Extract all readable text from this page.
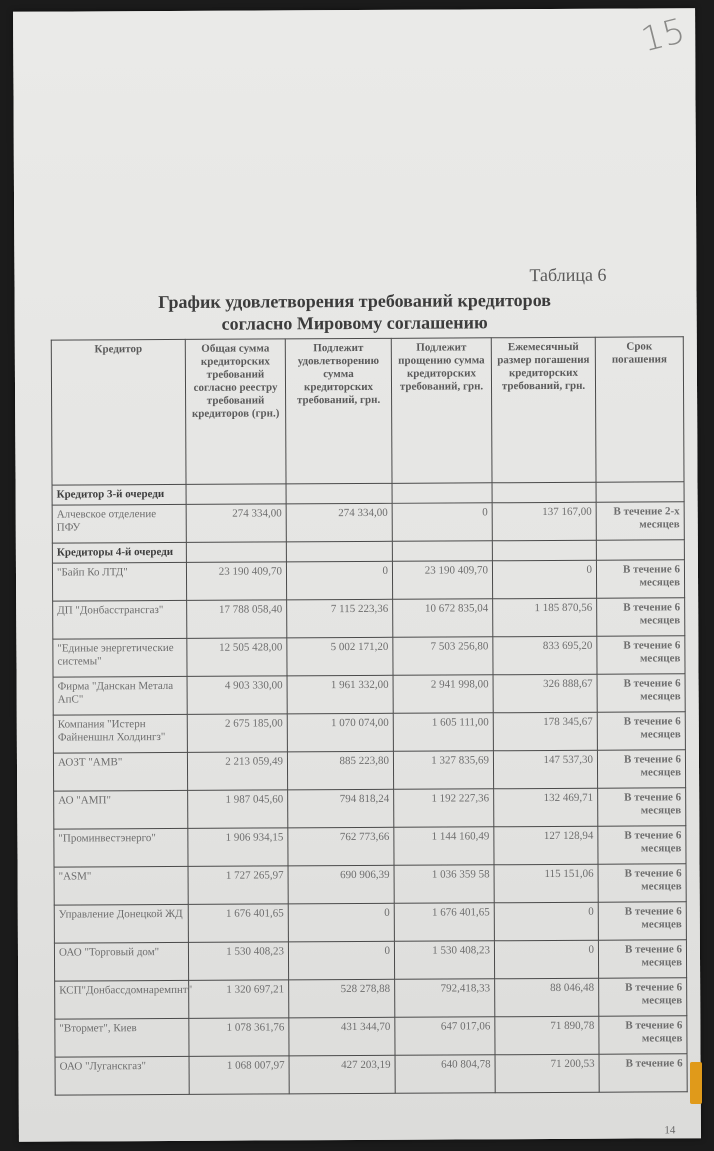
15
Таблица 6
График удовлетворения требований кредиторов
согласно Мировому соглашению
Кредитор	Общая сумма кредиторских требований согласно реестру требований кредиторов (грн.)	Подлежит удовлетворению сумма кредиторских требований, грн.	Подлежит прощению сумма кредиторских требований, грн.	Ежемесячный размер погашения кредиторских требований, грн.	Срок погашения
Кредитор 3-й очереди					
Алчевское отделение ПФУ	274 334,00	274 334,00	0	137 167,00	В течение 2-х месяцев
Кредиторы 4-й очереди					
"Байп Ко ЛТД"	23 190 409,70	0	23 190 409,70	0	В течение 6 месяцев
ДП "Донбасстрансгаз"	17 788 058,40	7 115 223,36	10 672 835,04	1 185 870,56	В течение 6 месяцев
"Единые энергетические системы"	12 505 428,00	5 002 171,20	7 503 256,80	833 695,20	В течение 6 месяцев
Фирма "Данскан Метала АпС"	4 903 330,00	1 961 332,00	2 941 998,00	326 888,67	В течение 6 месяцев
Компания "Истерн Файненшнл Холдингз"	2 675 185,00	1 070 074,00	1 605 111,00	178 345,67	В течение 6 месяцев
АОЗТ "АМВ"	2 213 059,49	885 223,80	1 327 835,69	147 537,30	В течение 6 месяцев
АО "АМП"	1 987 045,60	794 818,24	1 192 227,36	132 469,71	В течение 6 месяцев
"Проминвестэнерго"	1 906 934,15	762 773,66	1 144 160,49	127 128,94	В течение 6 месяцев
"ASM"	1 727 265,97	690 906,39	1 036 359 58	115 151,06	В течение 6 месяцев
Управление Донецкой ЖД	1 676 401,65	0	1 676 401,65	0	В течение 6 месяцев
ОАО "Торговый дом"	1 530 408,23	0	1 530 408,23	0	В течение 6 месяцев
КСП"Донбассдомнаремпнт"	1 320 697,21	528 278,88	792,418,33	88 046,48	В течение 6 месяцев
"Втормет", Киев	1 078 361,76	431 344,70	647 017,06	71 890,78	В течение 6 месяцев
ОАО "Луганскгаз"	1 068 007,97	427 203,19	640 804,78	71 200,53	В течение 6
14
